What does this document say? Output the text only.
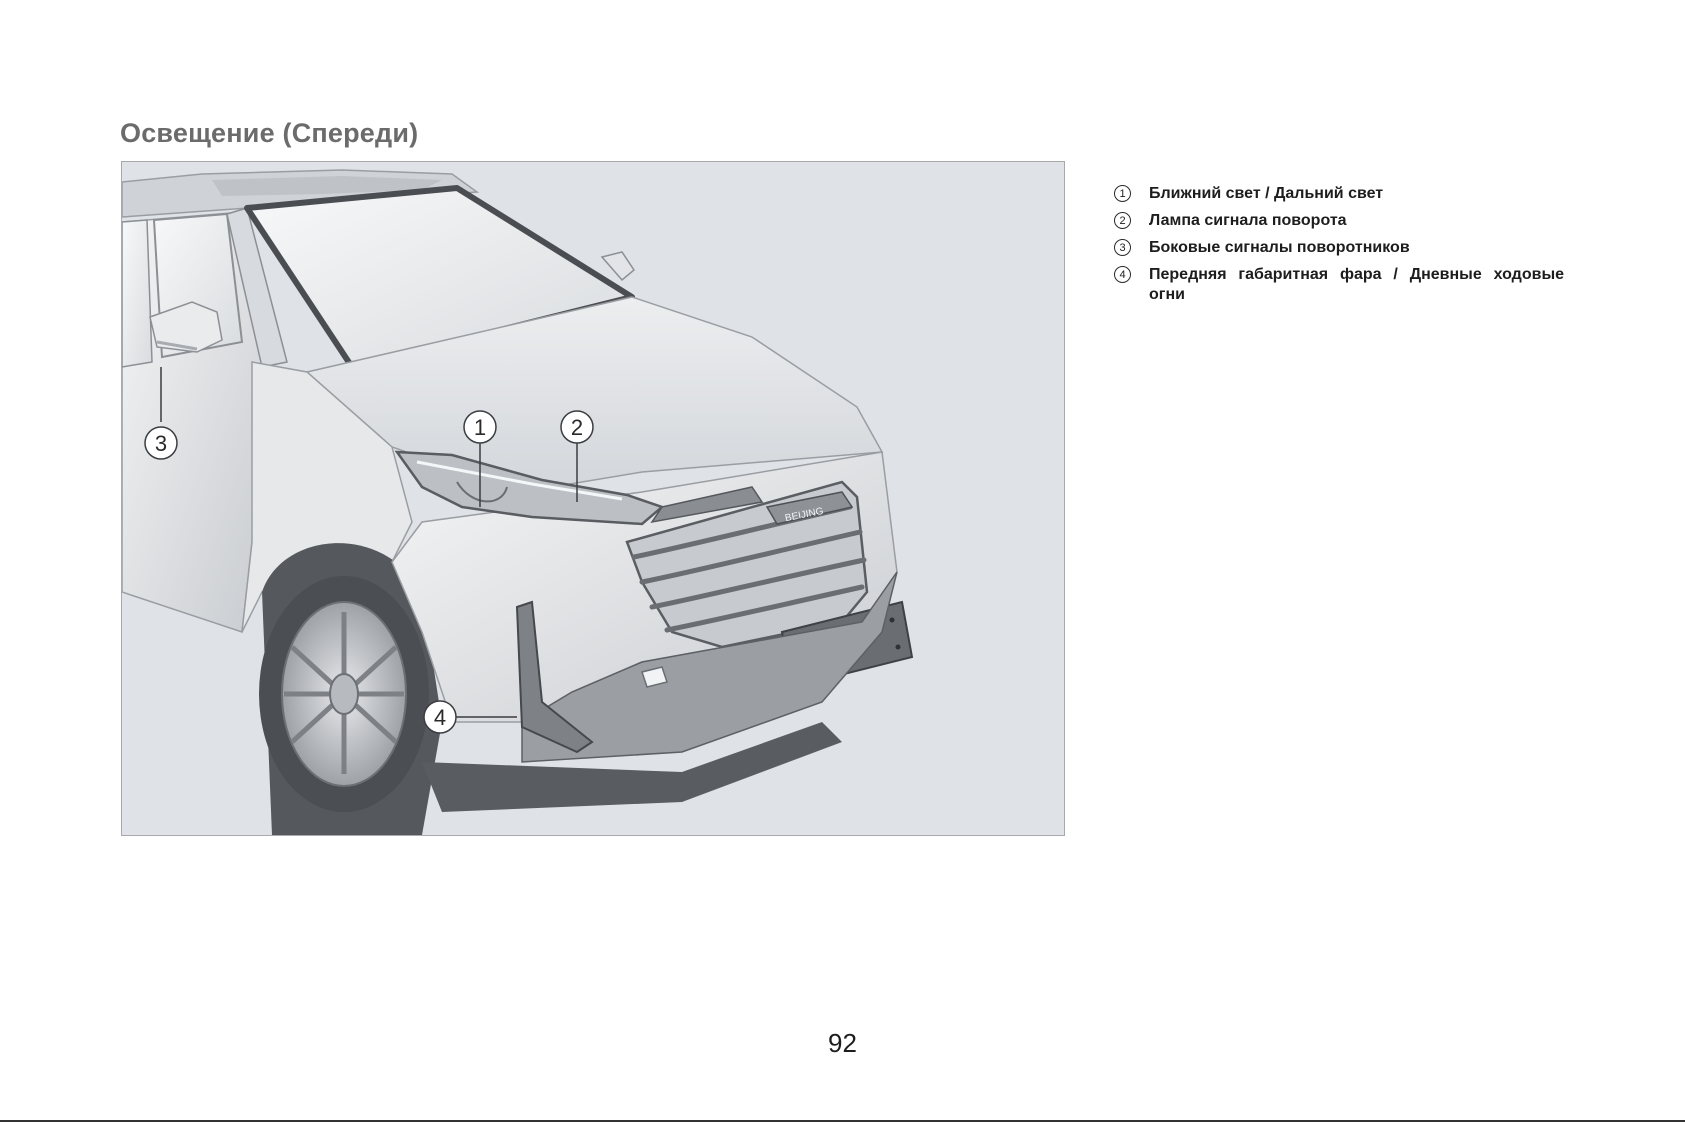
Освещение (Спереди)
BEIJING
1	2
3
4
1	Ближний свет / Дальний свет
2	Лампа сигнала поворота
3	Боковые сигналы поворотников
4	Передняя габаритная фара / Дневные ходовые огни
92
